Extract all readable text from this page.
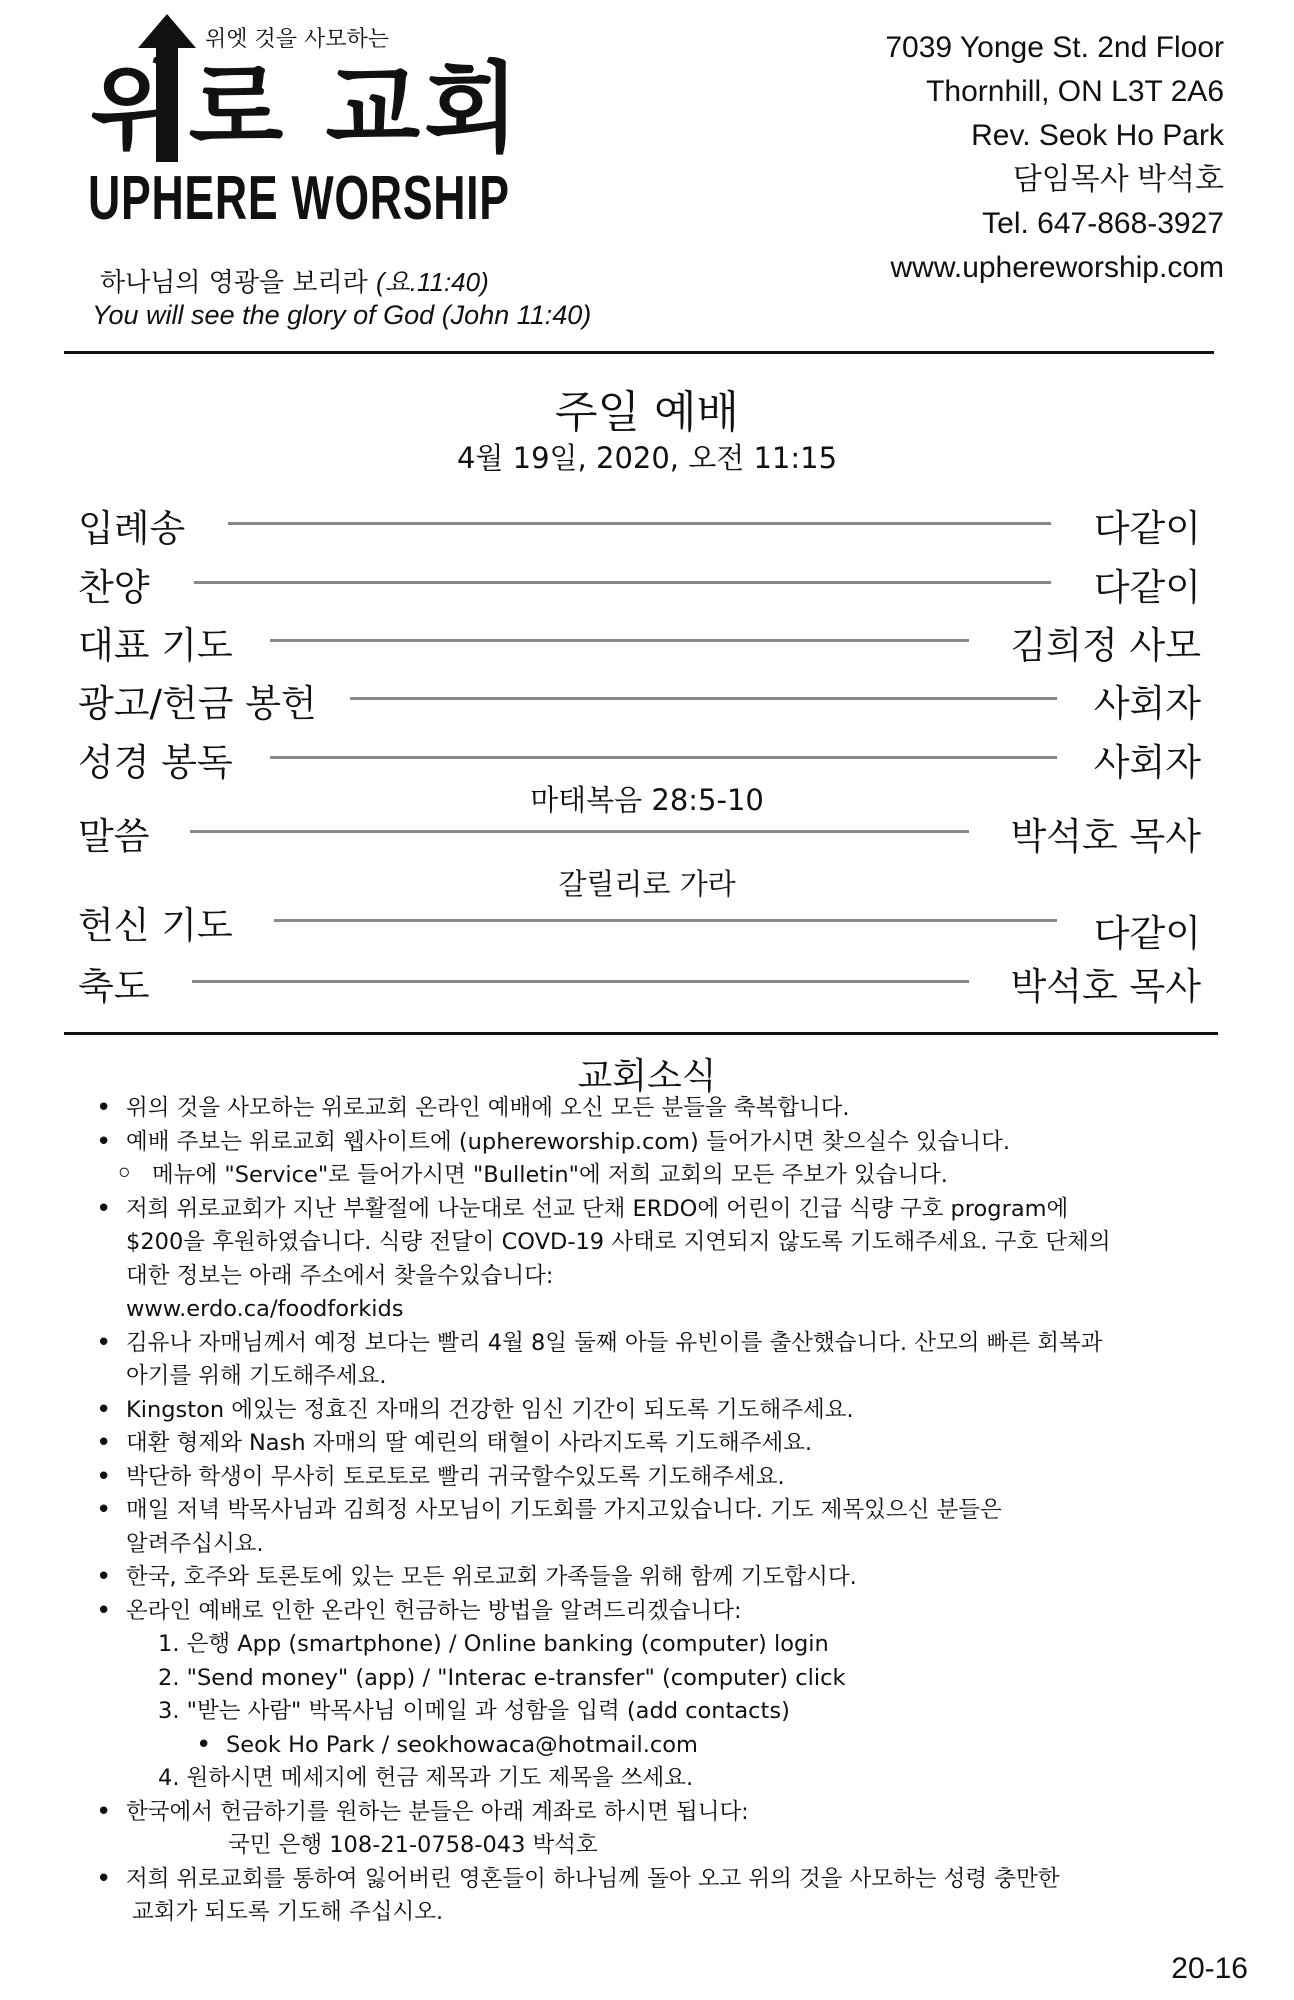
위엣 것을 사모하는
위로 교회
UPHERE WORSHIP
하나님의 영광을 보리라 (요.11:40)
You will see the glory of God (John 11:40)
7039 Yonge St. 2nd Floor
Thornhill, ON L3T 2A6
Rev. Seok Ho Park
담임목사 박석호
Tel. 647-868-3927
www.uphereworship.com
주일 예배
4월 19일, 2020, 오전 11:15
입례송	다같이
찬양	다같이
대표 기도	김희정 사모
광고/헌금 봉헌	사회자
성경 봉독	사회자
마태복음 28:5-10
말씀	박석호 목사
갈릴리로 가라
헌신 기도	다같이
축도	박석호 목사
교회소식
• 위의 것을 사모하는 위로교회 온라인 예배에 오신 모든 분들을 축복합니다.
• 예배 주보는 위로교회 웹사이트에 (uphereworship.com) 들어가시면 찾으실수 있습니다.
◦ 메뉴에 "Service"로 들어가시면 "Bulletin"에 저희 교회의 모든 주보가 있습니다.
• 저희 위로교회가 지난 부활절에 나눈대로 선교 단채 ERDO에 어린이 긴급 식량 구호 program에
$200을 후원하였습니다. 식량 전달이 COVD-19 사태로 지연되지 않도록 기도해주세요. 구호 단체의
대한 정보는 아래 주소에서 찾을수있습니다:
www.erdo.ca/foodforkids
• 김유나 자매님께서 예정 보다는 빨리 4월 8일 둘째 아들 유빈이를 출산했습니다. 산모의 빠른 회복과
아기를 위해 기도해주세요.
• Kingston 에있는 정효진 자매의 건강한 임신 기간이 되도록 기도해주세요.
• 대환 형제와 Nash 자매의 딸 예린의 태혈이 사라지도록 기도해주세요.
• 박단하 학생이 무사히 토로토로 빨리 귀국할수있도록 기도해주세요.
• 매일 저녁 박목사님과 김희정 사모님이 기도회를 가지고있습니다. 기도 제목있으신 분들은
알려주십시요.
• 한국, 호주와 토론토에 있는 모든 위로교회 가족들을 위해 함께 기도합시다.
• 온라인 예배로 인한 온라인 헌금하는 방법을 알려드리겠습니다:
1. 은행 App (smartphone) / Online banking (computer) login
2. "Send money" (app) / "Interac e-transfer" (computer) click
3. "받는 사람" 박목사님 이메일 과 성함을 입력 (add contacts)
• Seok Ho Park / seokhowaca@hotmail.com
4. 원하시면 메세지에 헌금 제목과 기도 제목을 쓰세요.
• 한국에서 헌금하기를 원하는 분들은 아래 계좌로 하시면 됩니다:
국민 은행 108-21-0758-043 박석호
• 저희 위로교회를 통하여 잃어버린 영혼들이 하나님께 돌아 오고 위의 것을 사모하는 성령 충만한
교회가 되도록 기도해 주십시오.
20-16
